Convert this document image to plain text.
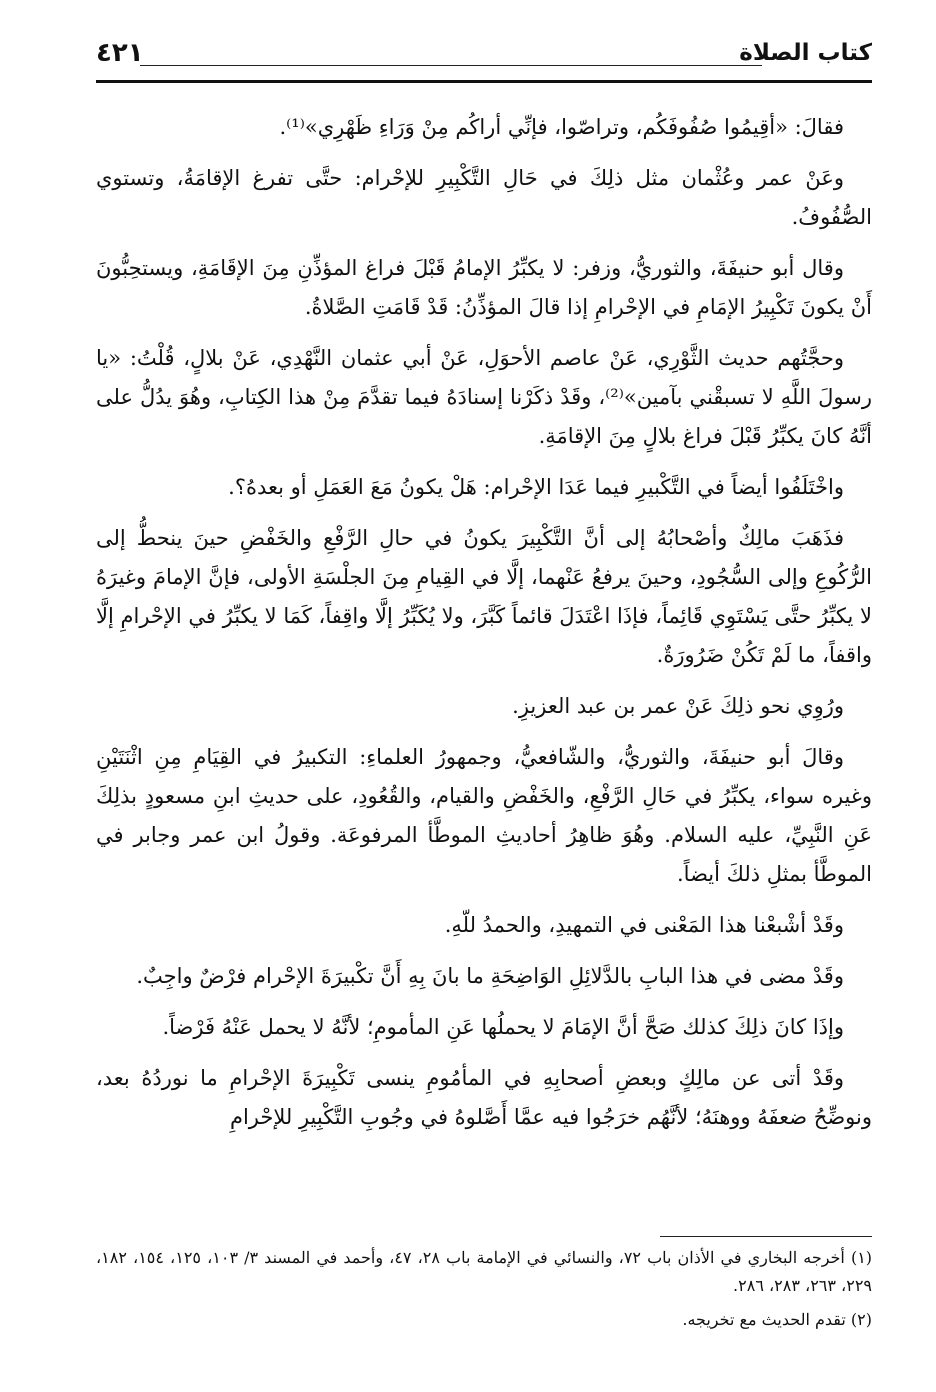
كتاب الصلاة
٤٢١

فقالَ: «أقِيمُوا صُفُوفَكُم، وتراصّوا، فإنِّي أراكُم مِنْ وَرَاءِ ظَهْرِي»⁽¹⁾.

وعَنْ عمر وعُثْمان مثل ذلِكَ في حَالِ التَّكْبِيرِ للإحْرام: حتَّى تفرغ الإقامَةُ، وتستوي الصُّفُوفُ.

وقال أبو حنيفَةَ، والثوريُّ، وزفر: لا يكبِّرُ الإمامُ قَبْلَ فراغ المؤذِّنِ مِنَ الإقَامَةِ، ويستحِبُّونَ أَنْ يكونَ تَكْبِيرُ الإمَامِ في الإحْرامِ إذا قالَ المؤذِّنُ: قَدْ قَامَتِ الصَّلاةُ.

وحجَّتُهم حديث الثَّوْرِي، عَنْ عاصم الأحوَلِ، عَنْ أبي عثمان النَّهْدِي، عَنْ بلالٍ، قُلْتُ: «يا رسولَ اللَّهِ لا تسبقْني بآمين»⁽²⁾، وقَدْ ذكَرْنا إسنادَهُ فيما تقدَّمَ مِنْ هذا الكِتابِ، وهُوَ يدُلُّ على أنَّهُ كانَ يكبِّرُ قَبْلَ فراغ بلالٍ مِنَ الإقامَةِ.

واخْتَلَفُوا أيضاً في التَّكْبيرِ فيما عَدَا الإحْرام: هَلْ يكونُ مَعَ العَمَلِ أو بعدهُ؟.

فذَهَبَ مالِكٌ وأصْحابُهُ إلى أنَّ التَّكْبِيرَ يكونُ في حالِ الرَّفْعِ والخَفْضِ حينَ ينحطُّ إلى الرُّكُوعِ وإلى السُّجُودِ، وحينَ يرفعُ عَنْهما، إلَّا في القِيامِ مِنَ الجلْسَةِ الأولى، فإنَّ الإمامَ وغيرَهُ لا يكبِّرُ حتَّى يَسْتَوِي قَائِماً، فإذَا اعْتَدَلَ قائماً كَبَّرَ، ولا يُكَبِّرُ إلَّا واقِفاً، كَمَا لا يكبِّرُ في الإحْرامِ إلَّا واقفاً، ما لَمْ تَكُنْ ضَرُورَةٌ.

ورُوِي نحو ذلِكَ عَنْ عمر بن عبد العزيزِ.

وقالَ أبو حنيفَةَ، والثوريُّ، والشّافعيُّ، وجمهورُ العلماءِ: التكبيرُ في القِيَامِ مِنِ اثْنَتَيْنِ وغيره سواء، يكبِّرُ في حَالِ الرَّفْعِ، والخَفْضِ والقيام، والقُعُودِ، على حديثِ ابنِ مسعودٍ بذلِكَ عَنِ النَّبِيِّ، عليه السلام. وهُوَ ظاهِرُ أحاديثِ الموطَّأ المرفوعَة. وقولُ ابن عمر وجابر في الموطَّأ بمثلِ ذلكَ أيضاً.

وقَدْ أشْبعْنا هذا المَعْنى في التمهيدِ، والحمدُ للّهِ.

وقَدْ مضى في هذا البابِ بالدَّلائِلِ الوَاضِحَةِ ما بانَ بِهِ أَنَّ تكْبيرَةَ الإحْرام فرْضٌ واجِبٌ.

وإذَا كانَ ذلِكَ كذلك صَحَّ أنَّ الإمَامَ لا يحملُها عَنِ المأمومِ؛ لأنَّهُ لا يحمل عَنْهُ فَرْضاً.

وقَدْ أتى عن مالِكٍ وبعضِ أصحابِهِ في المأمُومِ ينسى تَكْبِيرَةَ الإحْرامِ ما نوردُهُ بعد، ونوضِّحُ ضعفَهُ ووهنَهُ؛ لأنَّهُم خرَجُوا فيه عمَّا أَصَّلوهُ في وجُوبِ التَّكْبِيرِ للإحْرامِ

(١) أخرجه البخاري في الأذان باب ٧٢، والنسائي في الإمامة باب ٢٨، ٤٧، وأحمد في المسند ٣/ ١٠٣، ١٢٥، ١٥٤، ١٨٢، ٢٢٩، ٢٦٣، ٢٨٣، ٢٨٦.

(٢) تقدم الحديث مع تخريجه.
